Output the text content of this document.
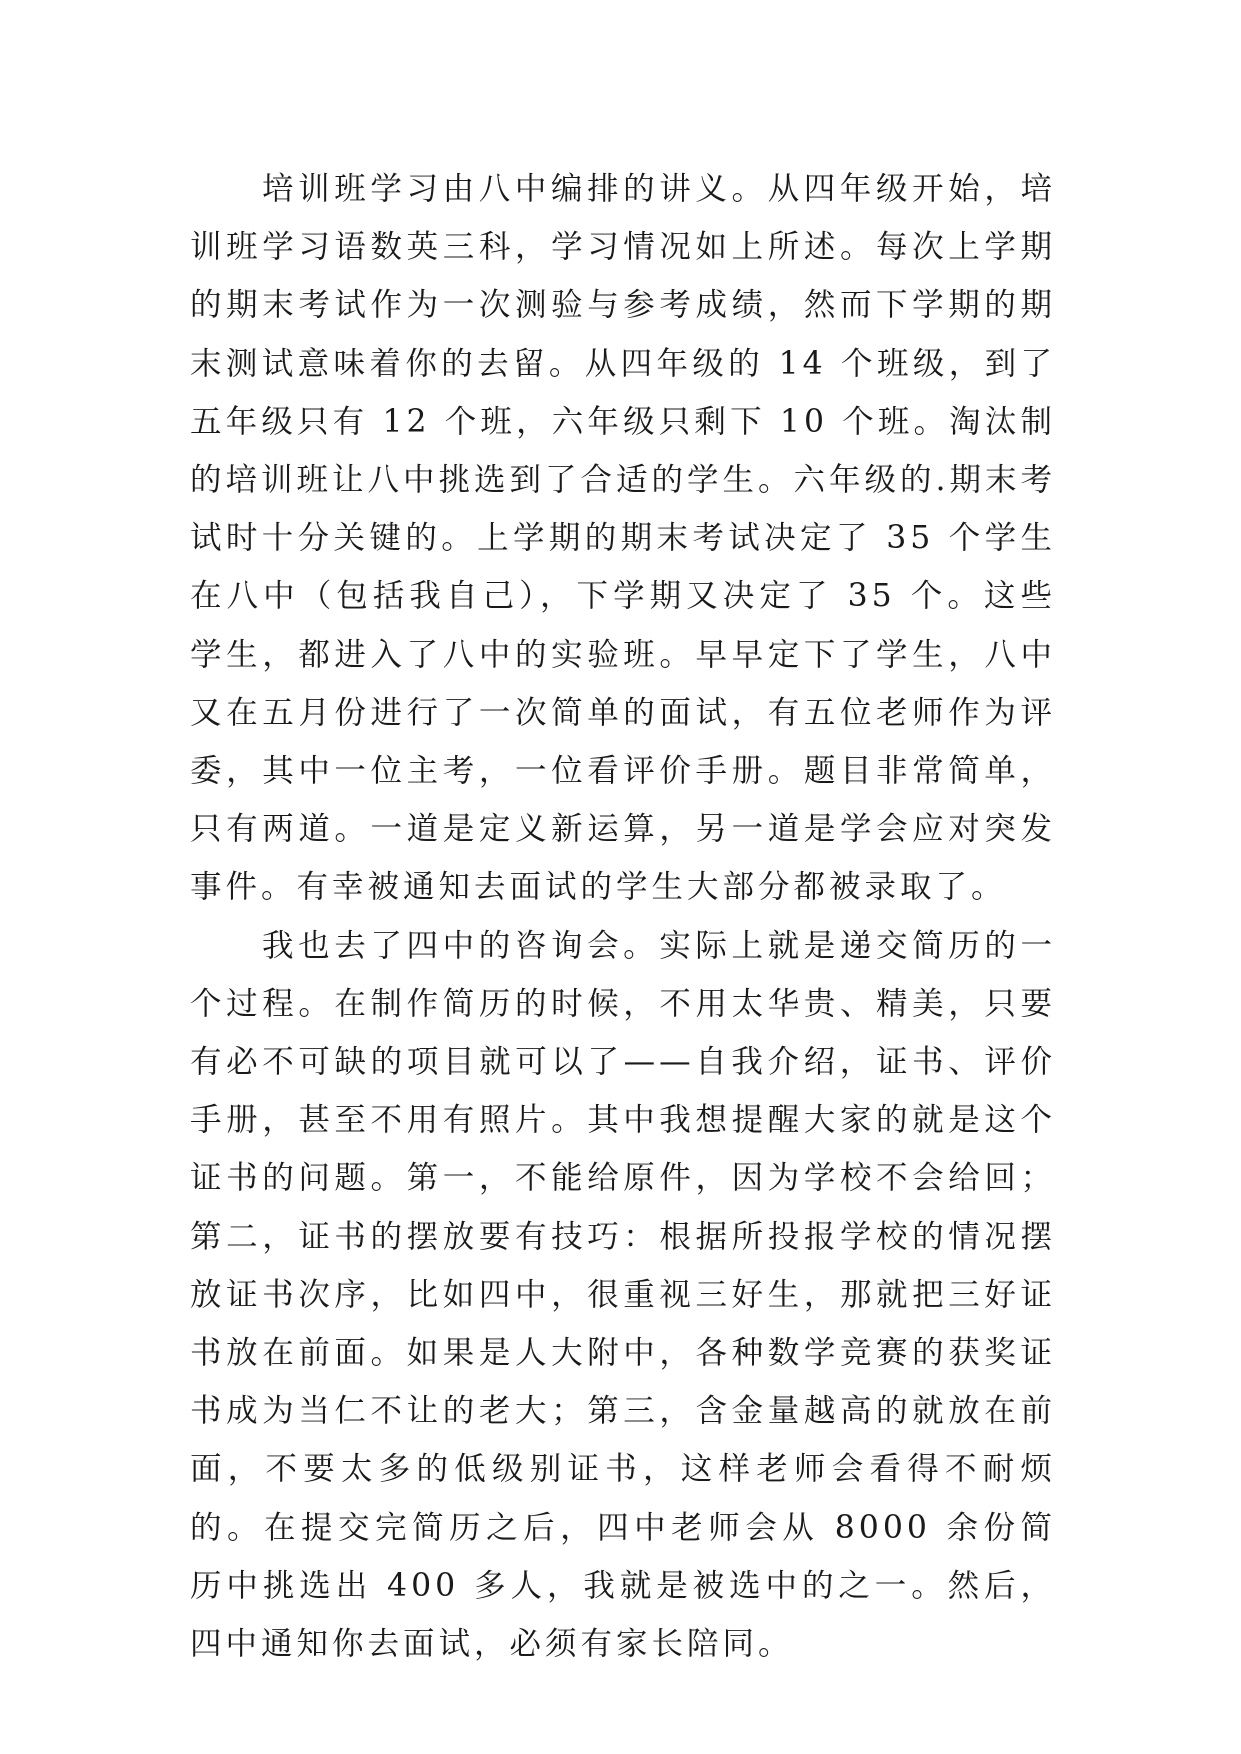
培训班学习由八中编排的讲义。从四年级开始，培训班学习语数英三科，学习情况如上所述。每次上学期的期末考试作为一次测验与参考成绩，然而下学期的期末测试意味着你的去留。从四年级的 14 个班级，到了五年级只有 12 个班，六年级只剩下 10 个班。淘汰制的培训班让八中挑选到了合适的学生。六年级的.期末考试时十分关键的。上学期的期末考试决定了 35 个学生在八中（包括我自己），下学期又决定了 35 个。这些学生，都进入了八中的实验班。早早定下了学生，八中又在五月份进行了一次简单的面试，有五位老师作为评委，其中一位主考，一位看评价手册。题目非常简单，只有两道。一道是定义新运算，另一道是学会应对突发事件。有幸被通知去面试的学生大部分都被录取了。

我也去了四中的咨询会。实际上就是递交简历的一个过程。在制作简历的时候，不用太华贵、精美，只要有必不可缺的项目就可以了——自我介绍，证书、评价手册，甚至不用有照片。其中我想提醒大家的就是这个证书的问题。第一，不能给原件，因为学校不会给回；第二，证书的摆放要有技巧：根据所投报学校的情况摆放证书次序，比如四中，很重视三好生，那就把三好证书放在前面。如果是人大附中，各种数学竞赛的获奖证书成为当仁不让的老大；第三，含金量越高的就放在前面，不要太多的低级别证书，这样老师会看得不耐烦的。在提交完简历之后，四中老师会从 8000 余份简历中挑选出 400 多人，我就是被选中的之一。然后，四中通知你去面试，必须有家长陪同。
